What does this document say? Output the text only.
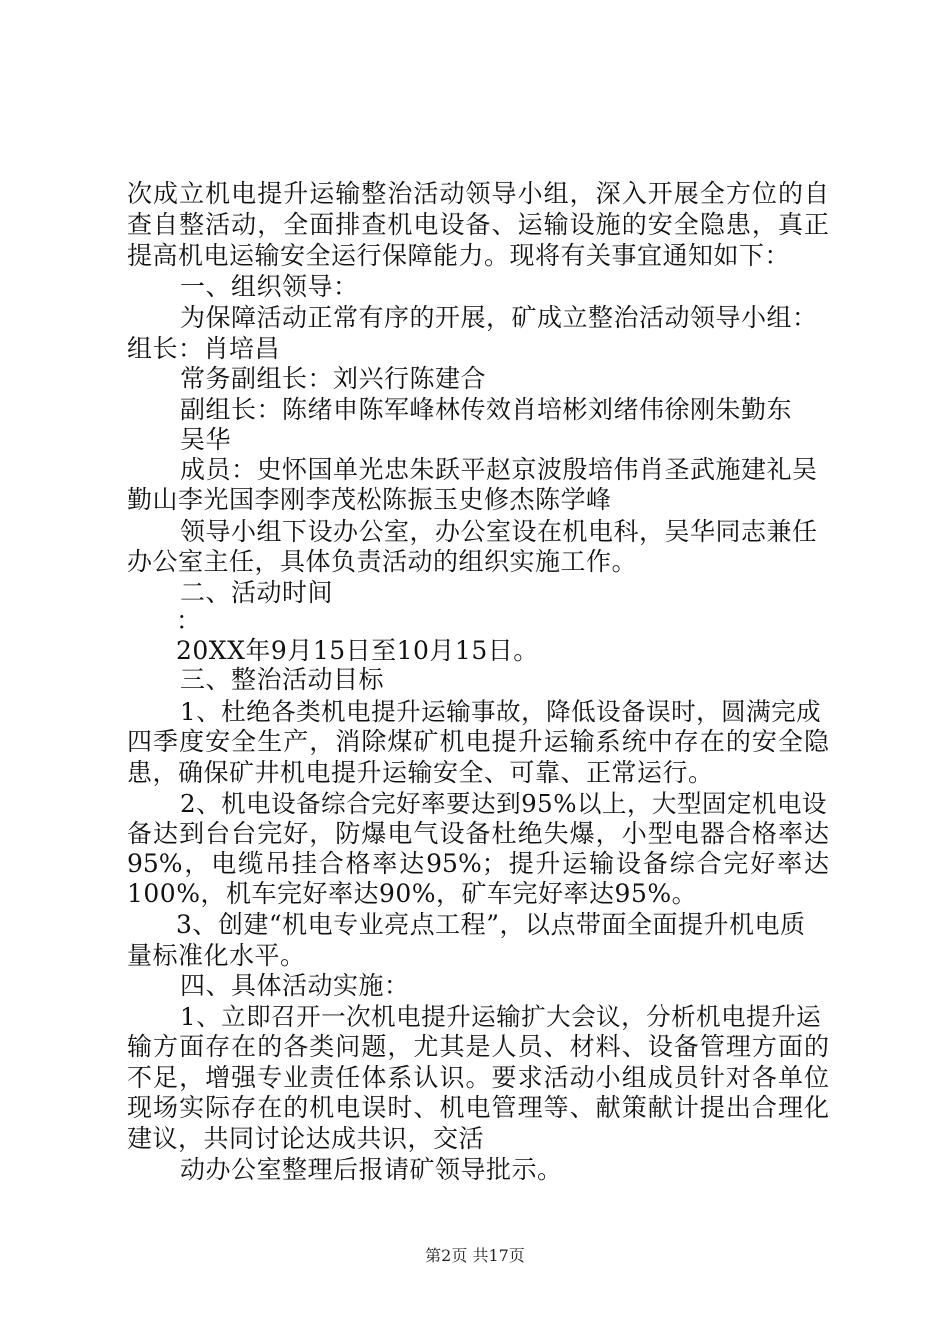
次成立机电提升运输整治活动领导小组，深入开展全方位的自
查自整活动，全面排查机电设备、运输设施的安全隐患，真正
提高机电运输安全运行保障能力。现将有关事宜通知如下：
一、组织领导：
为保障活动正常有序的开展，矿成立整治活动领导小组：
组长：肖培昌
常务副组长：刘兴行陈建合
副组长：陈绪申陈军峰林传效肖培彬刘绪伟徐刚朱勤东
吴华
成员：史怀国单光忠朱跃平赵京波殷培伟肖圣武施建礼吴
勤山李光国李刚李茂松陈振玉史修杰陈学峰
领导小组下设办公室，办公室设在机电科，吴华同志兼任
办公室主任，具体负责活动的组织实施工作。
二、活动时间
：
20XX年9月15日至10月15日。
三、整治活动目标
1、杜绝各类机电提升运输事故，降低设备误时，圆满完成
四季度安全生产，消除煤矿机电提升运输系统中存在的安全隐
患，确保矿井机电提升运输安全、可靠、正常运行。
2、机电设备综合完好率要达到95%以上，大型固定机电设
备达到台台完好，防爆电气设备杜绝失爆，小型电器合格率达
95%，电缆吊挂合格率达95%；提升运输设备综合完好率达
100%，机车完好率达90%，矿车完好率达95%。
3、创建“机电专业亮点工程”，以点带面全面提升机电质
量标准化水平。
四、具体活动实施：
1、立即召开一次机电提升运输扩大会议，分析机电提升运
输方面存在的各类问题，尤其是人员、材料、设备管理方面的
不足，增强专业责任体系认识。要求活动小组成员针对各单位
现场实际存在的机电误时、机电管理等、献策献计提出合理化
建议，共同讨论达成共识，交活
动办公室整理后报请矿领导批示。
第2页 共17页
